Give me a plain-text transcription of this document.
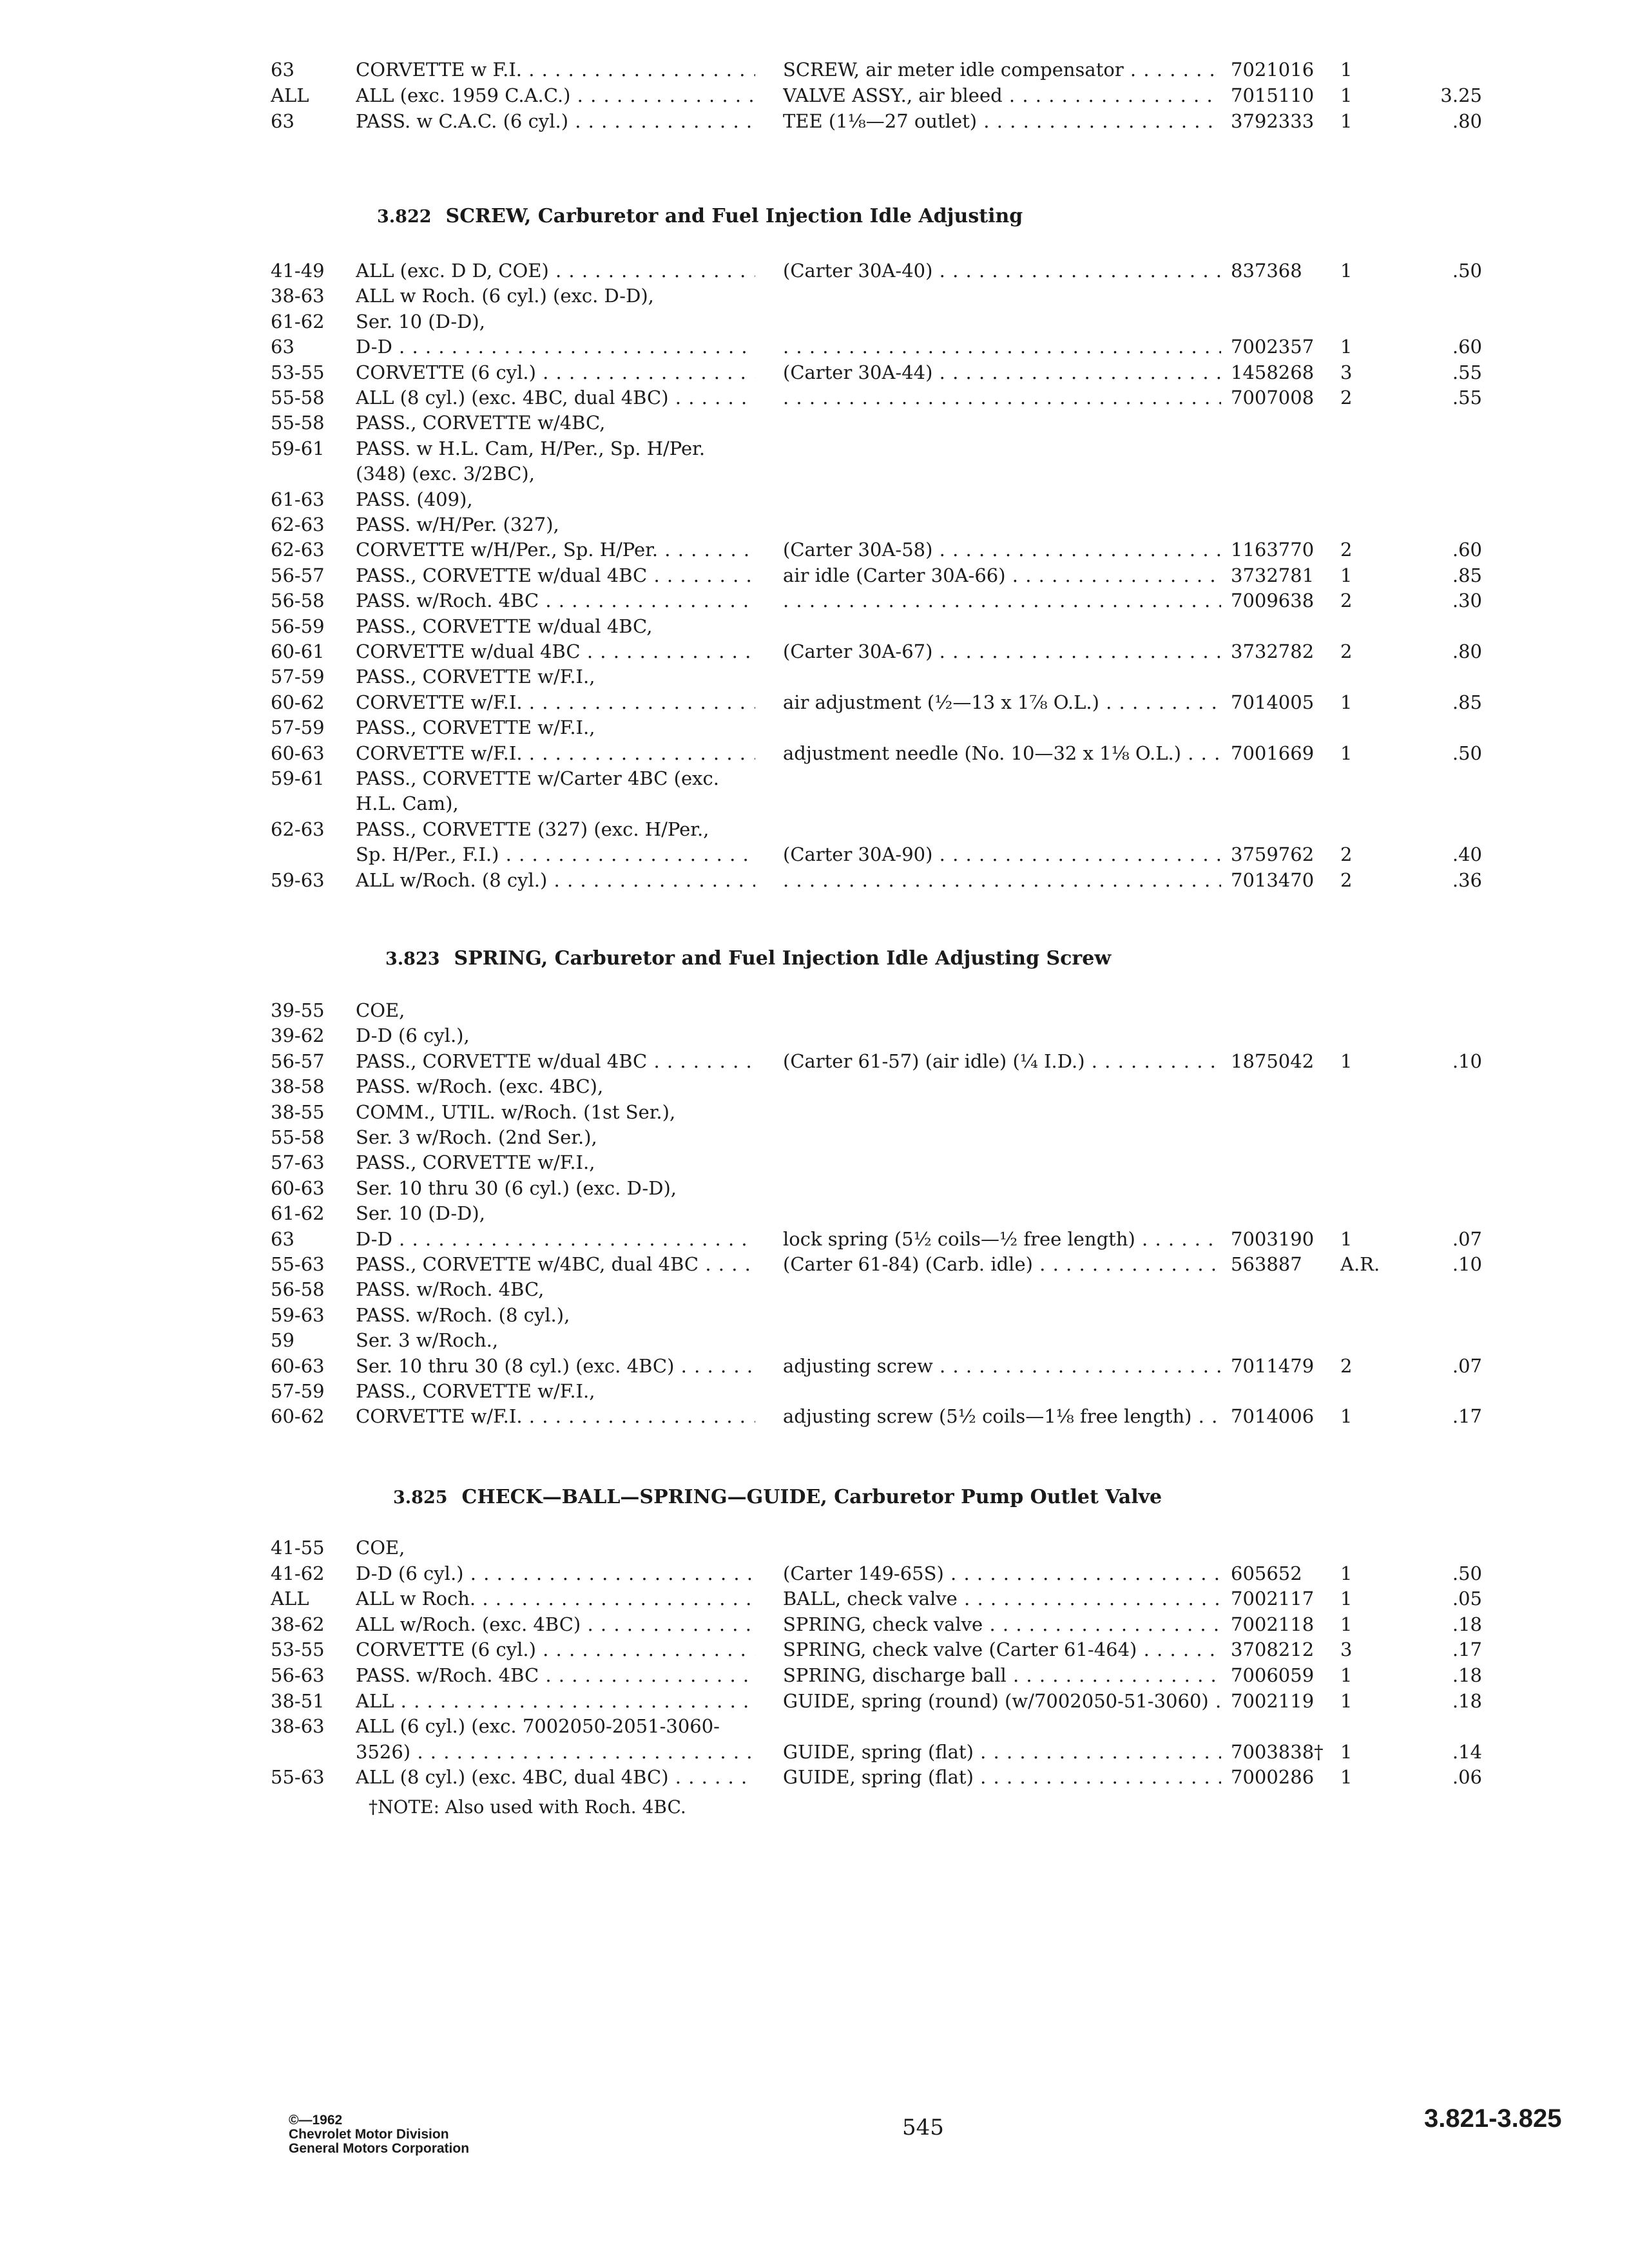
63	CORVETTE w F.I. . . .	SCREW, air meter idle compensator . . .	7021016	1
ALL	ALL (exc. 1959 C.A.C.) . . .	VALVE ASSY., air bleed . . .	7015110	1	3.25
63	PASS. w C.A.C. (6 cyl.) . . .	TEE (1⅛—27 outlet) . . .	3792333	1	.80
3.822 SCREW, Carburetor and Fuel Injection Idle Adjusting
41-49	ALL (exc. D D, COE) . . .	(Carter 30A-40) . . .	837368	1	.50
38-63	ALL w Roch. (6 cyl.) (exc. D-D),
61-62	Ser. 10 (D-D),
63	D-D . . . . . .	7002357	1	.60
53-55	CORVETTE (6 cyl.) . . .	(Carter 30A-44) . . .	1458268	3	.55
55-58	ALL (8 cyl.) (exc. 4BC, dual 4BC) . . . . . .	7007008	2	.55
55-58	PASS., CORVETTE w/4BC,
59-61	PASS. w H.L. Cam, H/Per., Sp. H/Per.
(348) (exc. 3/2BC),
61-63	PASS. (409),
62-63	PASS. w/H/Per. (327),
62-63	CORVETTE w/H/Per., Sp. H/Per. . . .	(Carter 30A-58) . . .	1163770	2	.60
56-57	PASS., CORVETTE w/dual 4BC . . .	air idle (Carter 30A-66) . . .	3732781	1	.85
56-58	PASS. w/Roch. 4BC . . . . . .	7009638	2	.30
56-59	PASS., CORVETTE w/dual 4BC,
60-61	CORVETTE w/dual 4BC . . .	(Carter 30A-67) . . .	3732782	2	.80
57-59	PASS., CORVETTE w/F.I.,
60-62	CORVETTE w/F.I. . . .	air adjustment (½—13 x 1⅞ O.L.) . . .	7014005	1	.85
57-59	PASS., CORVETTE w/F.I.,
60-63	CORVETTE w/F.I. . . .	adjustment needle (No. 10—32 x 1⅛ O.L.) . . .	7001669	1	.50
59-61	PASS., CORVETTE w/Carter 4BC (exc.
H.L. Cam),
62-63	PASS., CORVETTE (327) (exc. H/Per.,
Sp. H/Per., F.I.) . . .	(Carter 30A-90) . . .	3759762	2	.40
59-63	ALL w/Roch. (8 cyl.) . . . . . .	7013470	2	.36
3.823 SPRING, Carburetor and Fuel Injection Idle Adjusting Screw
39-55	COE,
39-62	D-D (6 cyl.),
56-57	PASS., CORVETTE w/dual 4BC . . .	(Carter 61-57) (air idle) (¼ I.D.) . . .	1875042	1	.10
38-58	PASS. w/Roch. (exc. 4BC),
38-55	COMM., UTIL. w/Roch. (1st Ser.),
55-58	Ser. 3 w/Roch. (2nd Ser.),
57-63	PASS., CORVETTE w/F.I.,
60-63	Ser. 10 thru 30 (6 cyl.) (exc. D-D),
61-62	Ser. 10 (D-D),
63	D-D . . .	lock spring (5½ coils—½ free length) . . .	7003190	1	.07
55-63	PASS., CORVETTE w/4BC, dual 4BC . . .	(Carter 61-84) (Carb. idle) . . .	563887	A.R.	.10
56-58	PASS. w/Roch. 4BC,
59-63	PASS. w/Roch. (8 cyl.),
59	Ser. 3 w/Roch.,
60-63	Ser. 10 thru 30 (8 cyl.) (exc. 4BC) . . .	adjusting screw . . .	7011479	2	.07
57-59	PASS., CORVETTE w/F.I.,
60-62	CORVETTE w/F.I. . . .	adjusting screw (5½ coils—1⅛ free length) . . .	7014006	1	.17
3.825 CHECK—BALL—SPRING—GUIDE, Carburetor Pump Outlet Valve
41-55	COE,
41-62	D-D (6 cyl.) . . .	(Carter 149-65S) . . .	605652	1	.50
ALL	ALL w Roch. . . .	BALL, check valve . . .	7002117	1	.05
38-62	ALL w/Roch. (exc. 4BC) . . .	SPRING, check valve . . .	7002118	1	.18
53-55	CORVETTE (6 cyl.) . . .	SPRING, check valve (Carter 61-464) . . .	3708212	3	.17
56-63	PASS. w/Roch. 4BC . . .	SPRING, discharge ball . . .	7006059	1	.18
38-51	ALL . . .	GUIDE, spring (round) (w/7002050-51-3060) . . .	7002119	1	.18
38-63	ALL (6 cyl.) (exc. 7002050-2051-3060-
3526) . . .	GUIDE, spring (flat) . . .	7003838† 1	.14
55-63	ALL (8 cyl.) (exc. 4BC, dual 4BC) . . .	GUIDE, spring (flat) . . .	7000286	1	.06
†NOTE: Also used with Roch. 4BC.
©—1962
Chevrolet Motor Division
General Motors Corporation
545	3.821-3.825
